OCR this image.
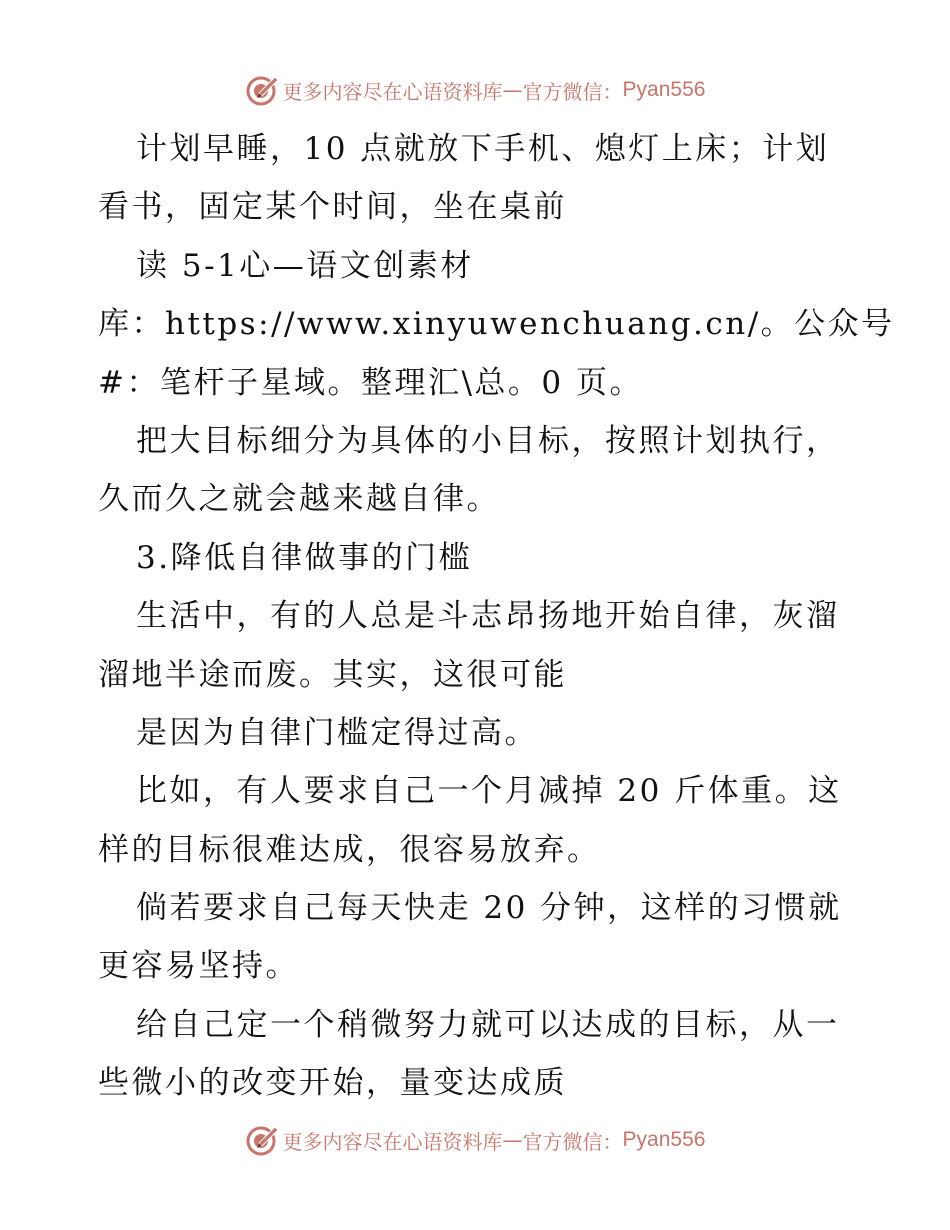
更多内容尽在心语资料库 — 官方微信： Pyan556
计划早睡，10 点就放下手机、熄灯上床；计划
看书，固定某个时间，坐在桌前
读 5-1心—语文创素材
库：https://www.xinyuwenchuang.cn/。公众号
#：笔杆子星域。整理汇\总。0 页。
把大目标细分为具体的小目标，按照计划执行，
久而久之就会越来越自律。
3.降低自律做事的门槛
生活中，有的人总是斗志昂扬地开始自律，灰溜
溜地半途而废。其实，这很可能
是因为自律门槛定得过高。
比如，有人要求自己一个月减掉 20 斤体重。这
样的目标很难达成，很容易放弃。
倘若要求自己每天快走 20 分钟，这样的习惯就
更容易坚持。
给自己定一个稍微努力就可以达成的目标，从一
些微小的改变开始，量变达成质
更多内容尽在心语资料库 — 官方微信： Pyan556
